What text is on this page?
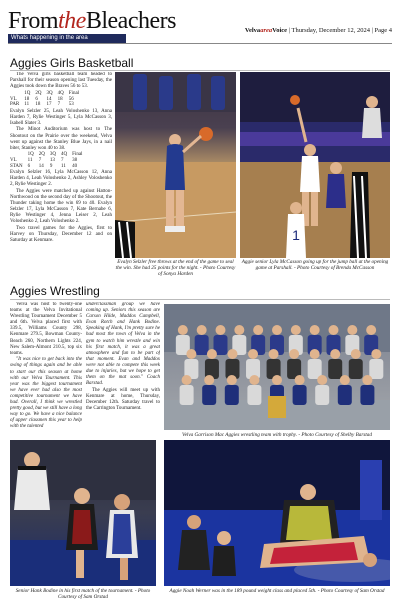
FromtheBleachers
Whats happening in the area
VelvaareaVoice | Thursday, December 12, 2024 | Page 4
Aggies Girls Basketball

The Velva girls basketball team headed to Parshall for their season opening last Tuesday, the Aggies took down the Braves 56 to 53.

	1Q	2Q	3Q	4Q	Final
VL	18	6	14	18	56
PAR	11	18	17	7	53

Evalyn Selzler 25, Leah Voloshenko 13, Anna Harden 7, Rylie Westinger 5, Lyla McCasson 3, Isabell Slater 3.

The Minot Auditorium was host to The Shootout on the Prairie over the weekend, Velva went up against the Stanley Blue Jays, in a nail biter, Stanley won 40 to 38.

	1Q	2Q	3Q	4Q	Final
VL	11	7	13	7	38
STAN	6	14	9	11	40

Evalyn Selzler 16, Lyla McCasson 12, Anna Harden 4, Leah Voloshenko 2, Ashley Voloshenko 2, Rylie Westinger 2.

The Aggies were matched up against Hatton-Northwood on the second day of the Shootout, the Thunder taking home the win 69 to 40. Evalyn Selzler 17, Lyla McCasson 7, Kate Bernabe 6, Rylie Westinger 4, Jenna Leiser 2, Leah Voloshenko 2, Leah Voloshenko 2.

Two travel games for the Aggies, first to Harvey on Thursday, December 12 and on Saturday at Kenmare.

Evalyn Selzler free throws at the end of the game to seal the win. She had 25 points for the night. - Photo Courtesy of Sonya Harden
1
Aggie senior Lyla McCasson going up for the jump ball at the opening game at Parshall. - Photo Courtesy of Brenda McCasson
Aggies Wrestling

Velva was host to twenty-one teams at the Velva Invitational Wrestling Tournament December 5 and 6th. Velva placed first with 339.5, Williams County 298, Kenmare 279.5, Bowman County-Beach 260, Northern Lights 224, New Salem-Almont 210.5, top six teams.

"It was nice to get back into the swing of things again and be able to start our this season at home with our Velva Tournament. This year was the biggest tournament we have ever had also the most competitive tournament we have had. Overall, I think we wrestled pretty good, but we still have a long way to go. We have a nice balance of upper classmen this year to help with the talented

underclassman group we have coming up. Seniors this season are Carson Hilde, Maddox Campbell, Evan Rotch and Hank Bodine. Speaking of Hank, I'm pretty sure he had most the town of Velva in the gym to watch him wrestle and win his first match, it was a great atmosphere and fun to be part of that moment. Evan and Maddox were not able to compete this week due to injuries, but we hope to get them on the mat soon." Coach Barstad.

The Aggies will meet up with Kenmare at home, Thursday, December 12th. Saturday travel to the Carrington Tournament.

Velva Garrison Mac Aggies wrestling team with trophy. - Photo Courtesy of Shelby Barstad
Senior Hank Bodine in his first match of the tournament. - Photo Courtesy of Sam Orstad
Aggie Noah Werner was in the 189 pound weight class and placed 5th. - Photo Courtesy of Sam Orstad
